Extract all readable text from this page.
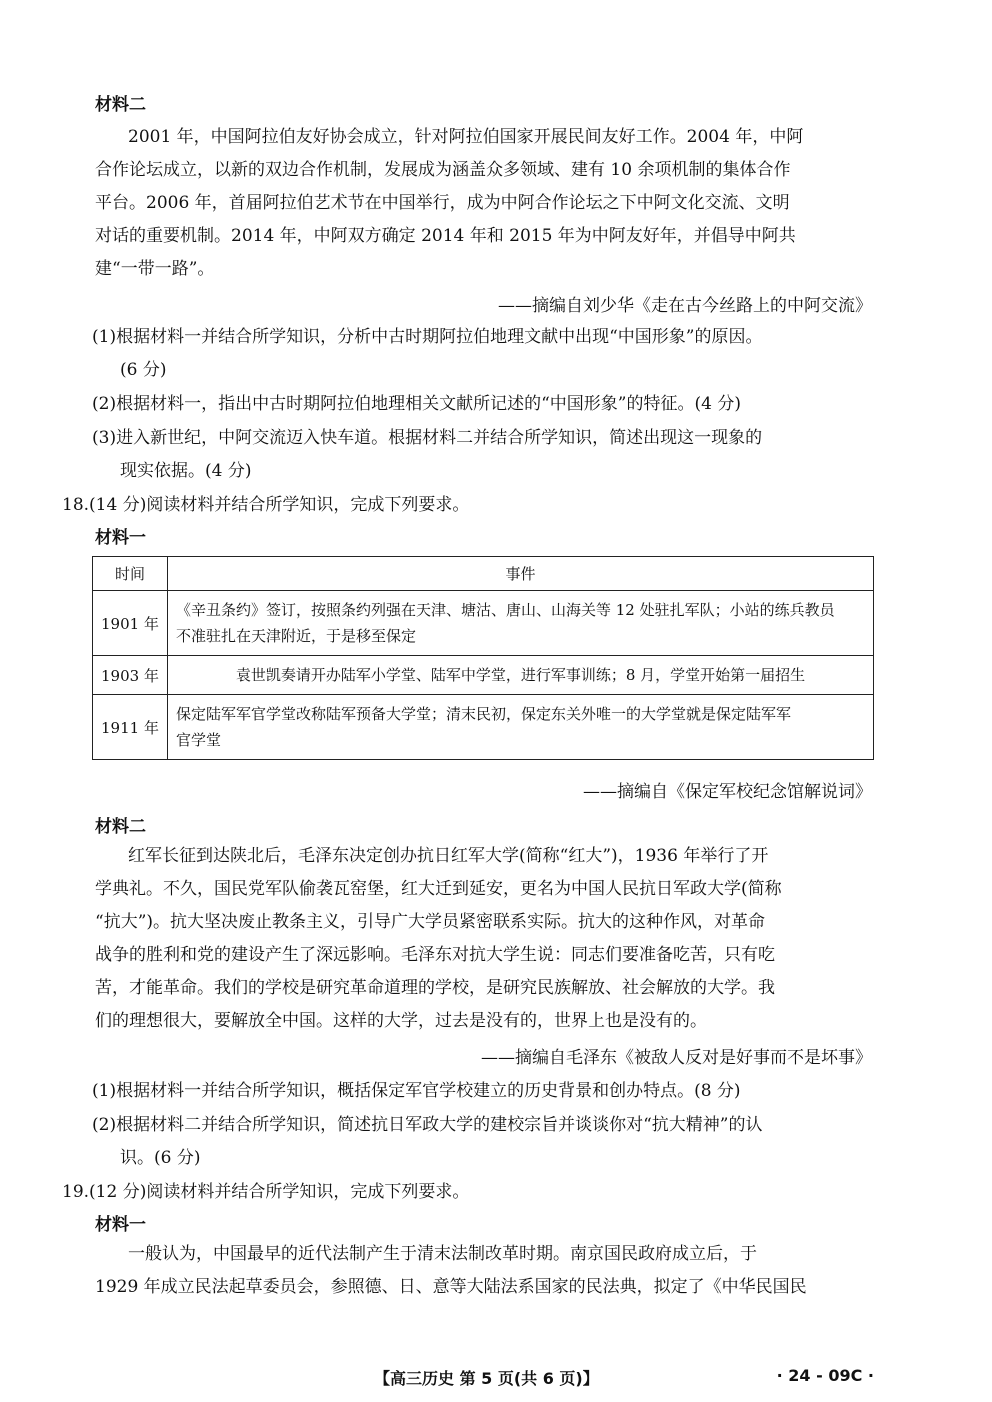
材料二
2001 年，中国阿拉伯友好协会成立，针对阿拉伯国家开展民间友好工作。2004 年，中阿
合作论坛成立，以新的双边合作机制，发展成为涵盖众多领域、建有 10 余项机制的集体合作
平台。2006 年，首届阿拉伯艺术节在中国举行，成为中阿合作论坛之下中阿文化交流、文明
对话的重要机制。2014 年，中阿双方确定 2014 年和 2015 年为中阿友好年，并倡导中阿共
建“一带一路”。
——摘编自刘少华《走在古今丝路上的中阿交流》
(1)根据材料一并结合所学知识，分析中古时期阿拉伯地理文献中出现“中国形象”的原因。
(6 分)
(2)根据材料一，指出中古时期阿拉伯地理相关文献所记述的“中国形象”的特征。(4 分)
(3)进入新世纪，中阿交流迈入快车道。根据材料二并结合所学知识，简述出现这一现象的
现实依据。(4 分)
18.(14 分)阅读材料并结合所学知识，完成下列要求。
材料一
时间	事件
1901 年	《辛丑条约》签订，按照条约列强在天津、塘沽、唐山、山海关等 12 处驻扎军队；小站的练兵教员
不准驻扎在天津附近，于是移至保定

1903 年	袁世凯奏请开办陆军小学堂、陆军中学堂，进行军事训练；8 月，学堂开始第一届招生

1911 年	保定陆军军官学堂改称陆军预备大学堂；清末民初，保定东关外唯一的大学堂就是保定陆军军
官学堂
——摘编自《保定军校纪念馆解说词》
材料二
红军长征到达陕北后，毛泽东决定创办抗日红军大学(简称“红大”)，1936 年举行了开
学典礼。不久，国民党军队偷袭瓦窑堡，红大迁到延安，更名为中国人民抗日军政大学(简称
“抗大”)。抗大坚决废止教条主义，引导广大学员紧密联系实际。抗大的这种作风，对革命
战争的胜利和党的建设产生了深远影响。毛泽东对抗大学生说：同志们要准备吃苦，只有吃
苦，才能革命。我们的学校是研究革命道理的学校，是研究民族解放、社会解放的大学。我
们的理想很大，要解放全中国。这样的大学，过去是没有的，世界上也是没有的。
——摘编自毛泽东《被敌人反对是好事而不是坏事》
(1)根据材料一并结合所学知识，概括保定军官学校建立的历史背景和创办特点。(8 分)
(2)根据材料二并结合所学知识，简述抗日军政大学的建校宗旨并谈谈你对“抗大精神”的认
识。(6 分)
19.(12 分)阅读材料并结合所学知识，完成下列要求。
材料一
一般认为，中国最早的近代法制产生于清末法制改革时期。南京国民政府成立后，于
1929 年成立民法起草委员会，参照德、日、意等大陆法系国家的民法典，拟定了《中华民国民
【高三历史 第 5 页(共 6 页)】	· 24 - 09C ·
